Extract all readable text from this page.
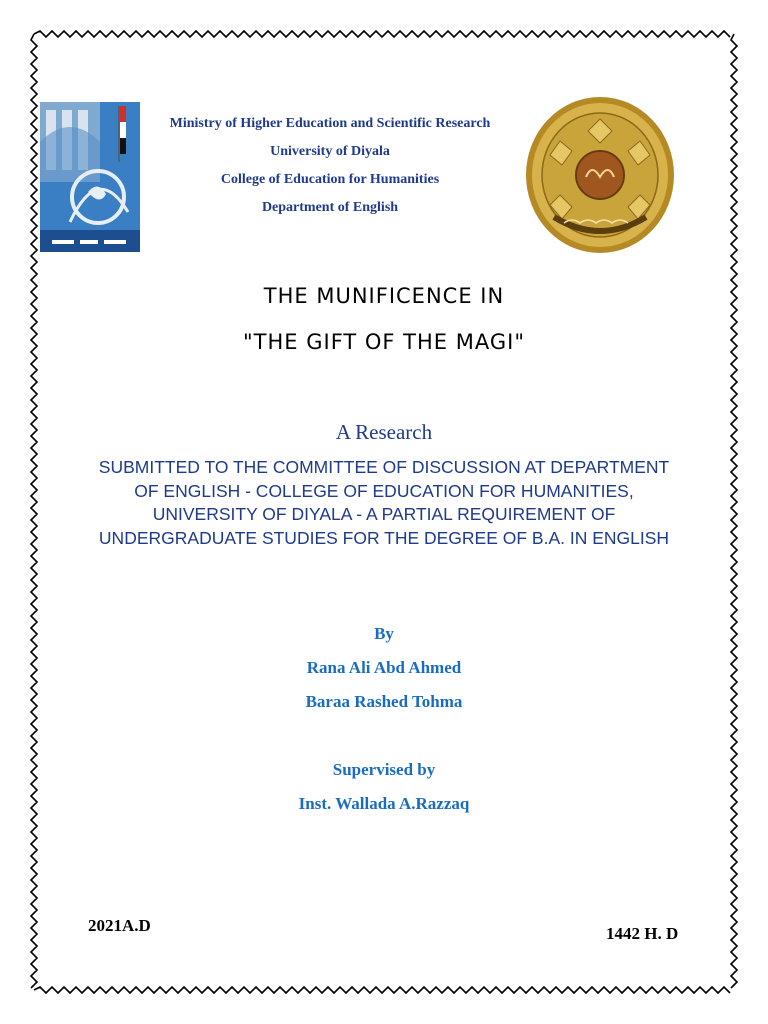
Ministry of Higher Education and Scientific Research
University of Diyala
College of Education for Humanities
Department of English
THE MUNIFICENCE IN
"THE GIFT OF THE MAGI"
A Research
SUBMITTED TO THE COMMITTEE OF DISCUSSION AT DEPARTMENT OF ENGLISH - COLLEGE OF EDUCATION FOR HUMANITIES, UNIVERSITY OF DIYALA - A PARTIAL REQUIREMENT OF UNDERGRADUATE STUDIES FOR THE DEGREE OF B.A. IN ENGLISH
By
Rana Ali Abd Ahmed
Baraa Rashed Tohma
Supervised by
Inst. Wallada A.Razzaq
2021A.D	1442 H. D
